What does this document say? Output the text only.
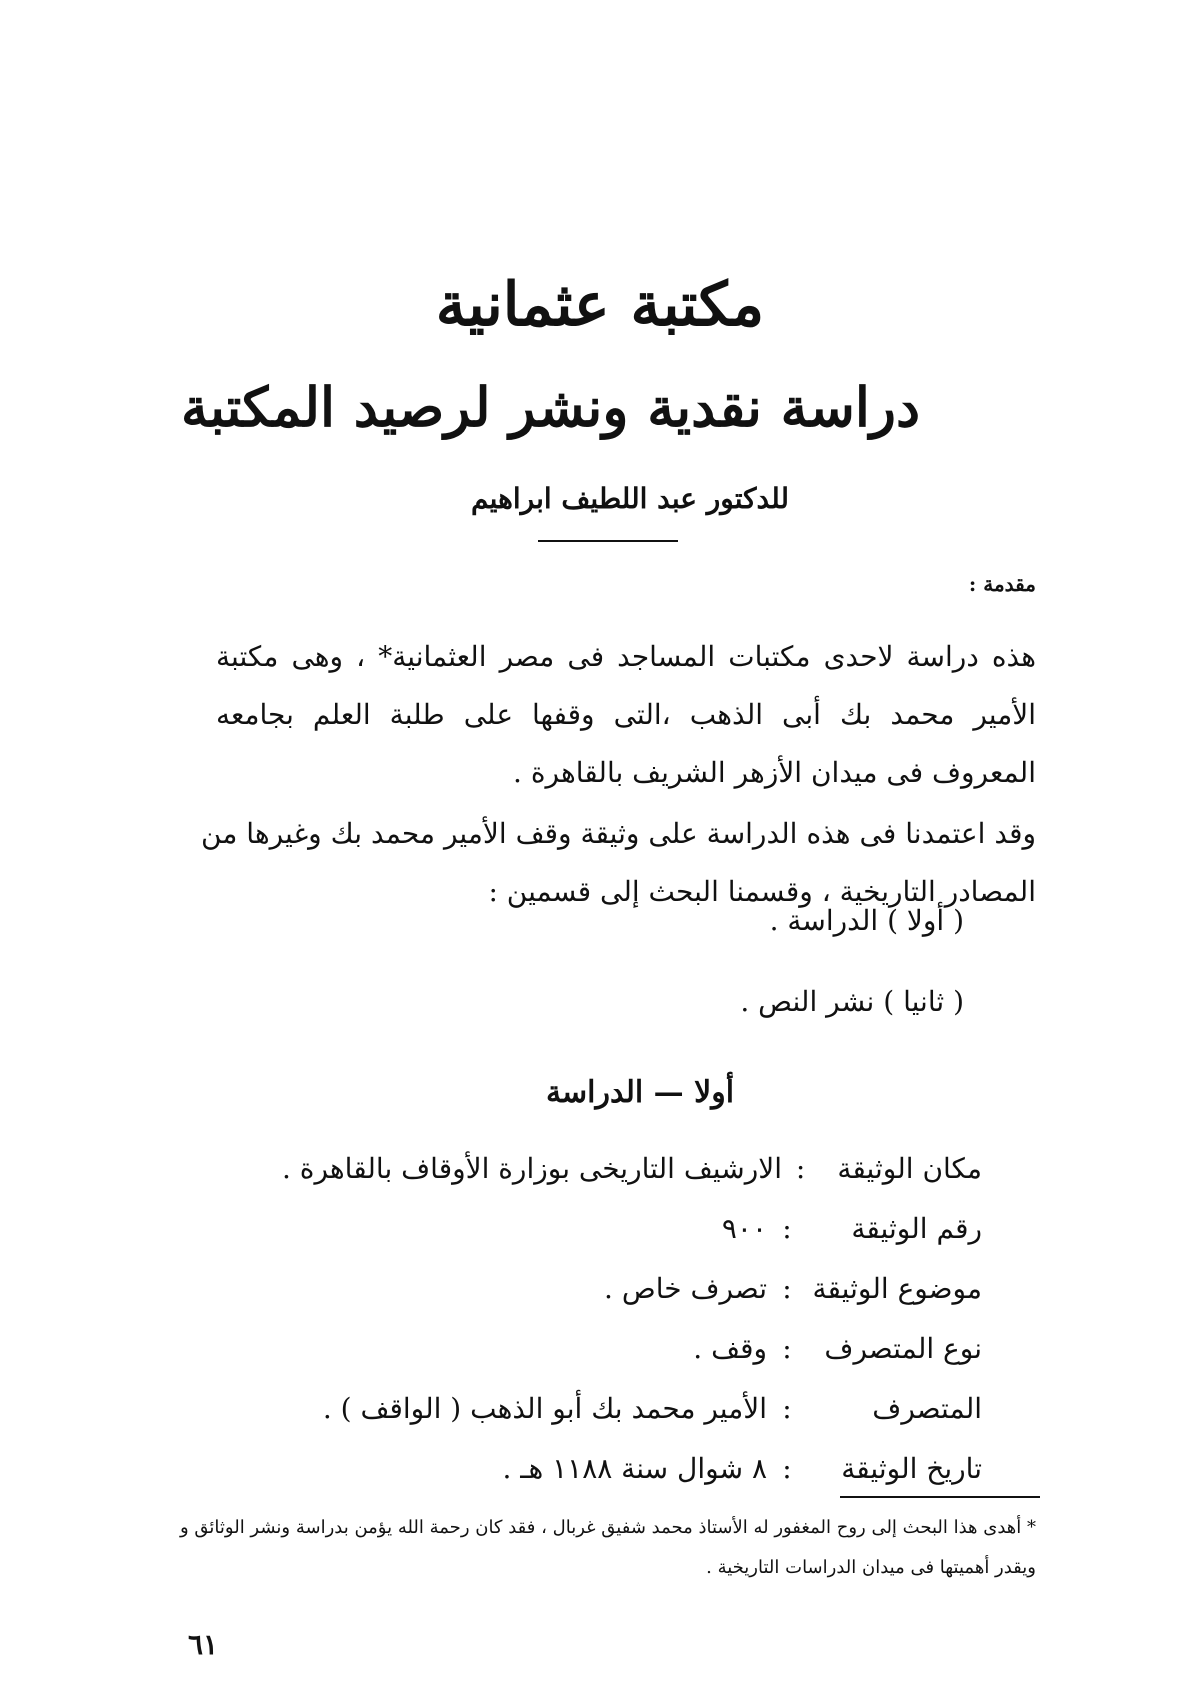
مكتبة عثمانية
دراسة نقدية ونشر لرصيد المكتبة
للدكتور عبد اللطيف ابراهيم
مقدمة :

هذه دراسة لاحدى مكتبات المساجد فى مصر العثمانية* ، وهى مكتبة الأمير محمد بك أبى الذهب ،التى وقفها على طلبة العلم بجامعه المعروف فى ميدان الأزهر الشريف بالقاهرة .

وقد اعتمدنا فى هذه الدراسة على وثيقة وقف الأمير محمد بك وغيرها من المصادر التاريخية ، وقسمنا البحث إلى قسمين :

( أولا ) الدراسة .
( ثانيا ) نشر النص .
أولا — الدراسة
مكان الوثيقة
:
الارشيف التاريخى بوزارة الأوقاف بالقاهرة .
رقم الوثيقة
:
٩٠٠
موضوع الوثيقة
:
تصرف خاص .
نوع المتصرف
:
وقف .
المتصرف
:
الأمير محمد بك أبو الذهب ( الواقف ) .
تاريخ الوثيقة
:
٨ شوال سنة ١١٨٨ هـ .
* أهدى هذا البحث إلى روح المغفور له الأستاذ محمد شفيق غربال ، فقد كان رحمة الله يؤمن بدراسة ونشر الوثائق و ويقدر أهميتها فى ميدان الدراسات التاريخية .
٦١
